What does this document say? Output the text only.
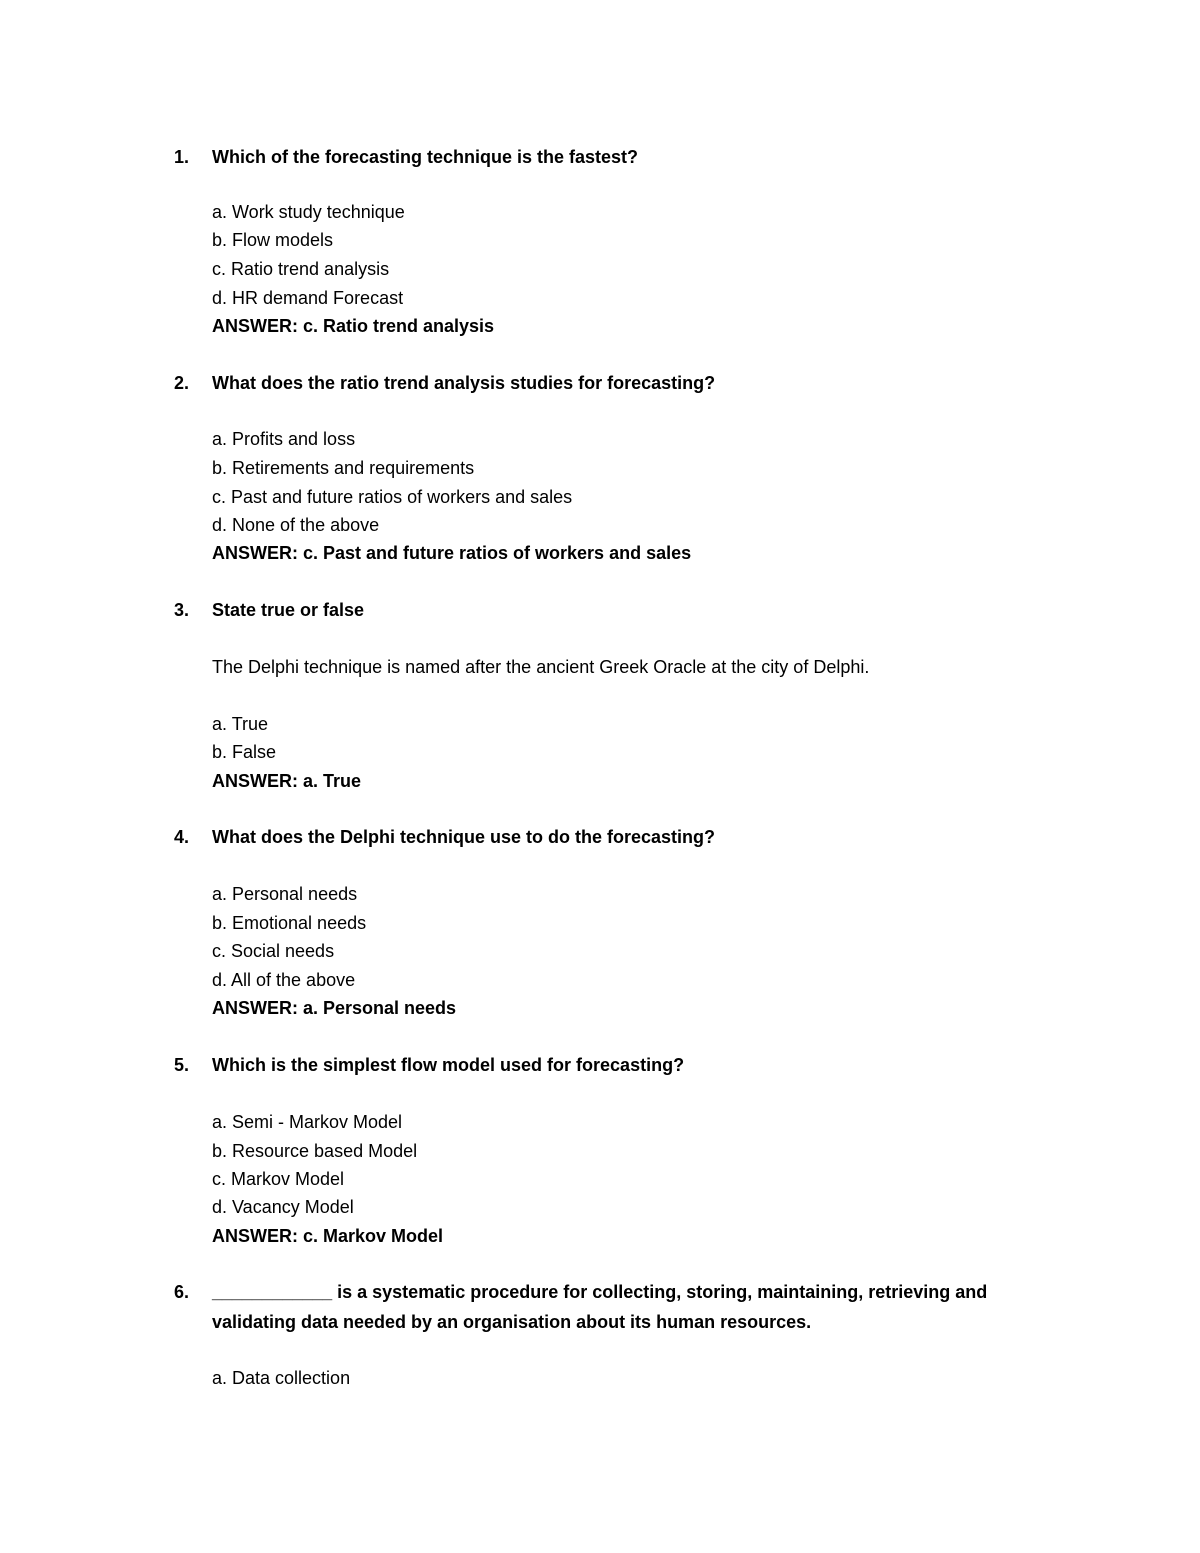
1. Which of the forecasting technique is the fastest?
a. Work study technique
b. Flow models
c. Ratio trend analysis
d. HR demand Forecast
ANSWER: c. Ratio trend analysis
2. What does the ratio trend analysis studies for forecasting?
a. Profits and loss
b. Retirements and requirements
c. Past and future ratios of workers and sales
d. None of the above
ANSWER: c. Past and future ratios of workers and sales
3. State true or false
The Delphi technique is named after the ancient Greek Oracle at the city of Delphi.
a. True
b. False
ANSWER: a. True
4. What does the Delphi technique use to do the forecasting?
a. Personal needs
b. Emotional needs
c. Social needs
d. All of the above
ANSWER: a. Personal needs
5. Which is the simplest flow model used for forecasting?
a. Semi - Markov Model
b. Resource based Model
c. Markov Model
d. Vacancy Model
ANSWER: c. Markov Model
6. ____________ is a systematic procedure for collecting, storing, maintaining, retrieving and
validating data needed by an organisation about its human resources.
a. Data collection
